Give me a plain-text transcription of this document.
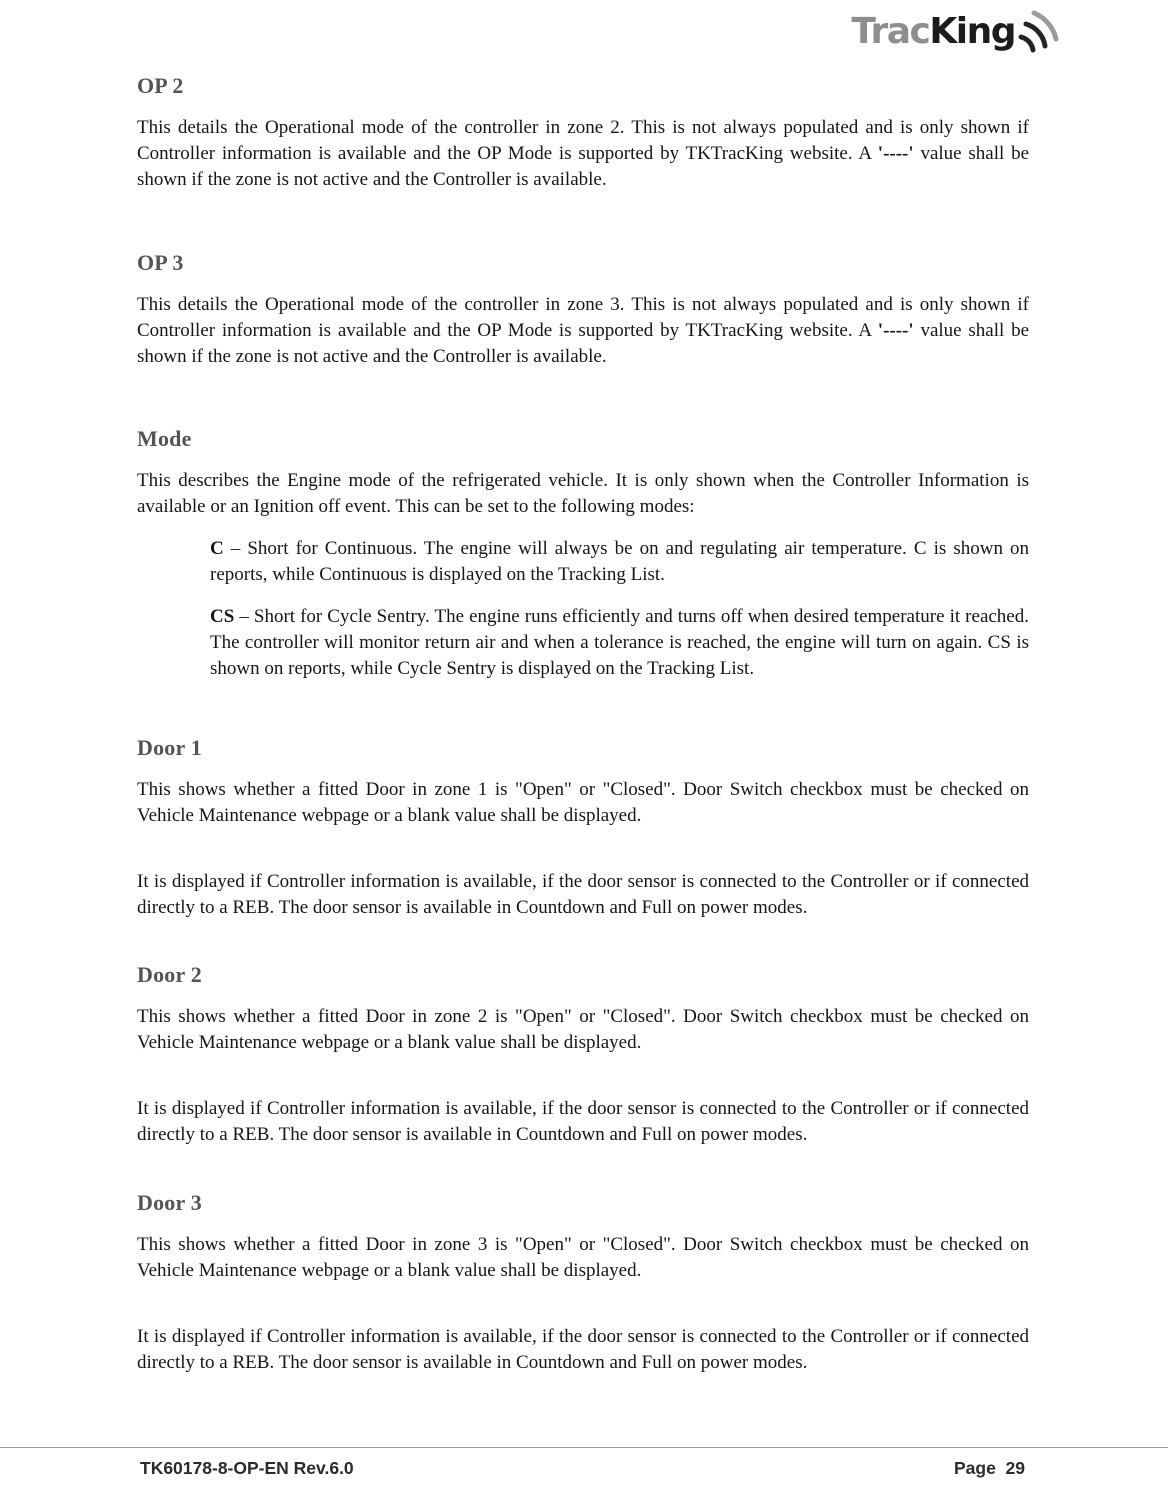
TracKing
OP 2

This details the Operational mode of the controller in zone 2. This is not always populated and is only shown if Controller information is available and the OP Mode is supported by TKTracKing website. A '----' value shall be shown if the zone is not active and the Controller is available.

OP 3

This details the Operational mode of the controller in zone 3. This is not always populated and is only shown if Controller information is available and the OP Mode is supported by TKTracKing website. A '----' value shall be shown if the zone is not active and the Controller is available.

Mode

This describes the Engine mode of the refrigerated vehicle. It is only shown when the Controller Information is available or an Ignition off event. This can be set to the following modes:

C – Short for Continuous. The engine will always be on and regulating air temperature. C is shown on reports, while Continuous is displayed on the Tracking List.

CS – Short for Cycle Sentry. The engine runs efficiently and turns off when desired temperature it reached. The controller will monitor return air and when a tolerance is reached, the engine will turn on again. CS is shown on reports, while Cycle Sentry is displayed on the Tracking List.

Door 1

This shows whether a fitted Door in zone 1 is "Open" or "Closed". Door Switch checkbox must be checked on Vehicle Maintenance webpage or a blank value shall be displayed.

It is displayed if Controller information is available, if the door sensor is connected to the Controller or if connected directly to a REB. The door sensor is available in Countdown and Full on power modes.

Door 2

This shows whether a fitted Door in zone 2 is "Open" or "Closed". Door Switch checkbox must be checked on Vehicle Maintenance webpage or a blank value shall be displayed.

It is displayed if Controller information is available, if the door sensor is connected to the Controller or if connected directly to a REB. The door sensor is available in Countdown and Full on power modes.

Door 3

This shows whether a fitted Door in zone 3 is "Open" or "Closed". Door Switch checkbox must be checked on Vehicle Maintenance webpage or a blank value shall be displayed.

It is displayed if Controller information is available, if the door sensor is connected to the Controller or if connected directly to a REB. The door sensor is available in Countdown and Full on power modes.

TK60178-8-OP-EN Rev.6.0	Page  29
